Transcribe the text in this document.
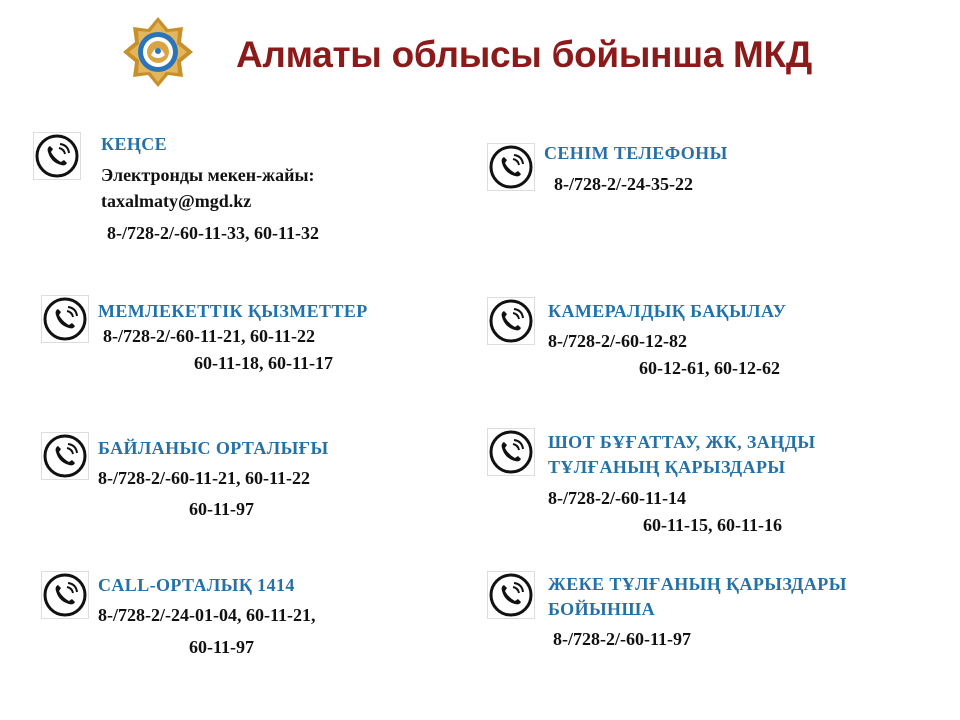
Алматы облысы бойынша МКД
КЕҢСЕ
Электронды мекен-жайы:
taxalmaty@mgd.kz
8-/728-2/-60-11-33, 60-11-32
СЕНІМ ТЕЛЕФОНЫ
8-/728-2/-24-35-22
МЕМЛЕКЕТТІК ҚЫЗМЕТТЕР
8-/728-2/-60-11-21, 60-11-22
60-11-18, 60-11-17
КАМЕРАЛДЫҚ БАҚЫЛАУ
8-/728-2/-60-12-82
60-12-61, 60-12-62
БАЙЛАНЫС ОРТАЛЫҒЫ
8-/728-2/-60-11-21, 60-11-22
60-11-97
ШОТ БҰҒАТТАУ, ЖК, ЗАҢДЫ
ТҰЛҒАНЫҢ ҚАРЫЗДАРЫ
8-/728-2/-60-11-14
60-11-15, 60-11-16
CALL-ОРТАЛЫҚ 1414
8-/728-2/-24-01-04, 60-11-21,
60-11-97
ЖЕКЕ ТҰЛҒАНЫҢ ҚАРЫЗДАРЫ
БОЙЫНША
8-/728-2/-60-11-97
